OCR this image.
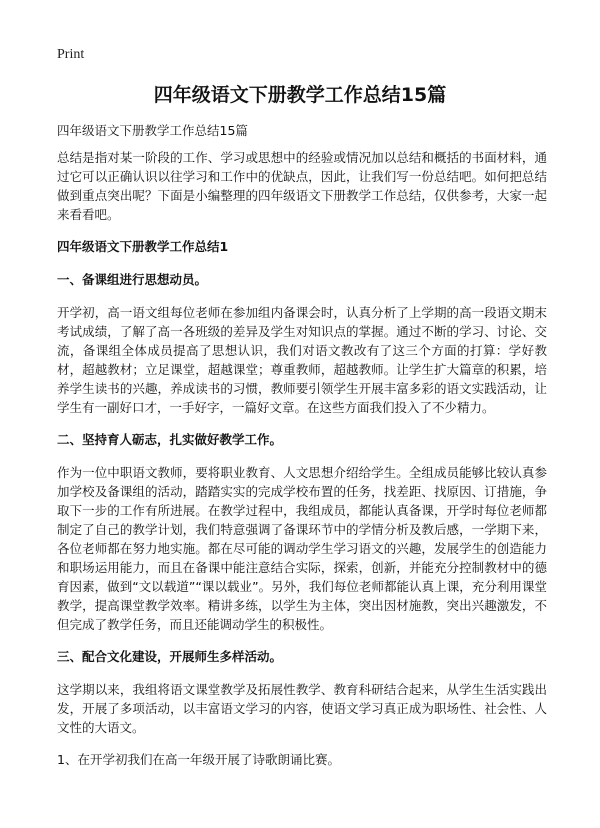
Print
四年级语文下册教学工作总结15篇

四年级语文下册教学工作总结15篇

总结是指对某一阶段的工作、学习或思想中的经验或情况加以总结和概括的书面材料，通过它可以正确认识以往学习和工作中的优缺点，因此，让我们写一份总结吧。如何把总结做到重点突出呢？下面是小编整理的四年级语文下册教学工作总结，仅供参考，大家一起来看看吧。

四年级语文下册教学工作总结1

一、备课组进行思想动员。

开学初，高一语文组每位老师在参加组内备课会时，认真分析了上学期的高一段语文期末考试成绩，了解了高一各班级的差异及学生对知识点的掌握。通过不断的学习、讨论、交流，备课组全体成员提高了思想认识，我们对语文教改有了这三个方面的打算：学好教材，超越教材；立足课堂，超越课堂；尊重教师，超越教师。让学生扩大篇章的积累，培养学生读书的兴趣，养成读书的习惯，教师要引领学生开展丰富多彩的语文实践活动，让学生有一副好口才，一手好字，一篇好文章。在这些方面我们投入了不少精力。

二、坚持育人砺志，扎实做好教学工作。

作为一位中职语文教师，要将职业教育、人文思想介绍给学生。全组成员能够比较认真参加学校及备课组的活动，踏踏实实的完成学校布置的任务，找差距、找原因、订措施，争取下一步的工作有所进展。在教学过程中，我组成员，都能认真备课，开学时每位老师都制定了自己的教学计划，我们特意强调了备课环节中的学情分析及教后感，一学期下来，各位老师都在努力地实施。都在尽可能的调动学生学习语文的兴趣，发展学生的创造能力和职场运用能力，而且在备课中能注意结合实际，探索，创新，并能充分控制教材中的德育因素，做到“文以载道”“课以载业”。另外，我们每位老师都能认真上课，充分利用课堂教学，提高课堂教学效率。精讲多练，以学生为主体，突出因材施教，突出兴趣激发，不但完成了教学任务，而且还能调动学生的积极性。

三、配合文化建设，开展师生多样活动。

这学期以来，我组将语文课堂教学及拓展性教学、教育科研结合起来，从学生生活实践出发，开展了多项活动，以丰富语文学习的内容，使语文学习真正成为职场性、社会性、人文性的大语文。

1、在开学初我们在高一年级开展了诗歌朗诵比赛。
